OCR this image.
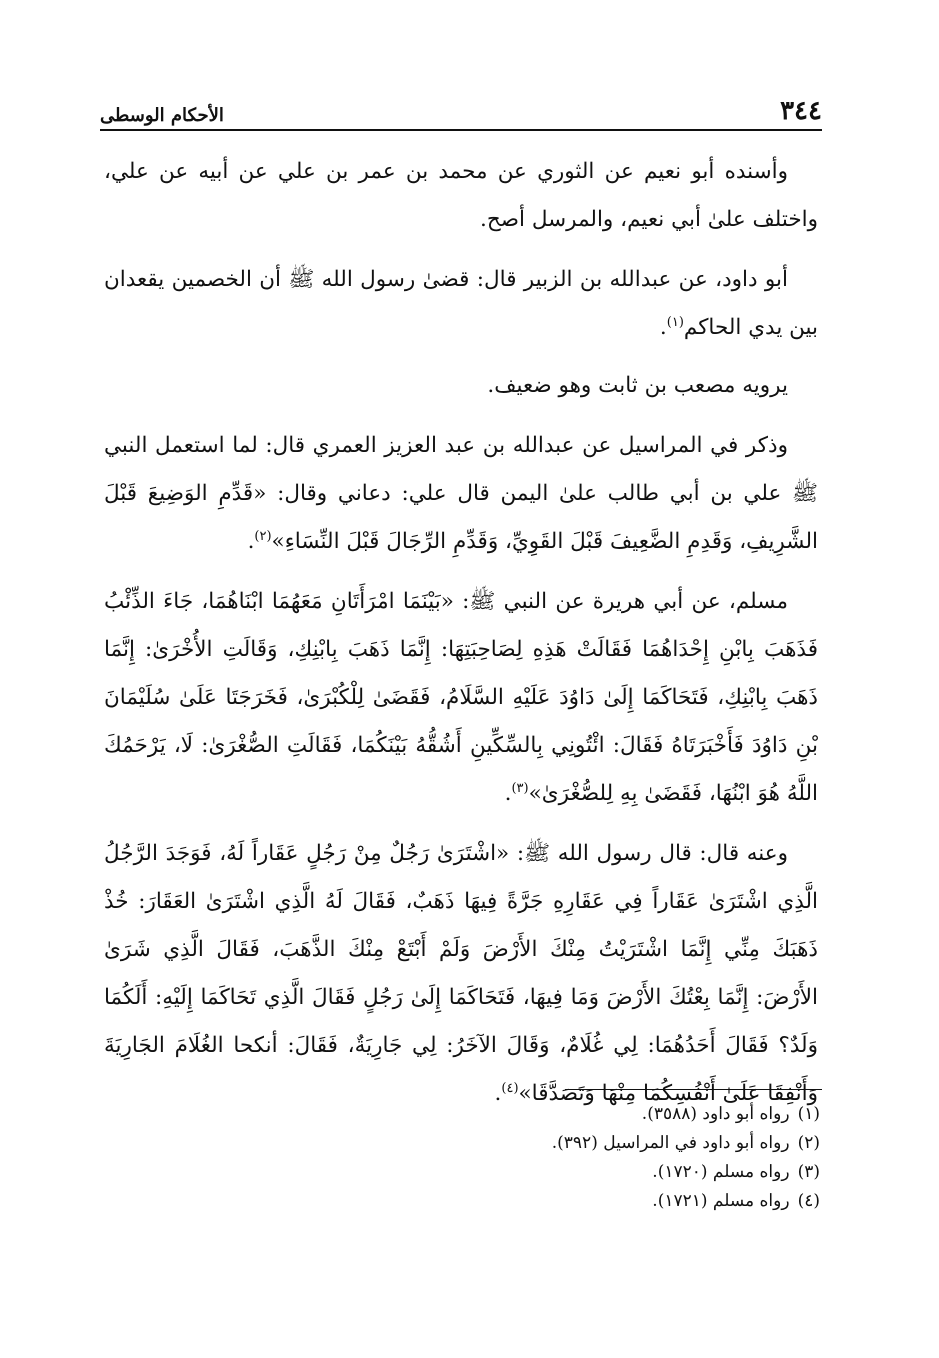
٣٤٤
الأحكام الوسطى

وأسنده أبو نعيم عن الثوري عن محمد بن عمر بن علي عن أبيه عن علي، واختلف علىٰ أبي نعيم، والمرسل أصح.

أبو داود، عن عبدالله بن الزبير قال: قضىٰ رسول الله ﷺ أن الخصمين يقعدان بين يدي الحاكم$^{(١)}$.

يرويه مصعب بن ثابت وهو ضعيف.

وذكر في المراسيل عن عبدالله بن عبد العزيز العمري قال: لما استعمل النبي ﷺ علي بن أبي طالب علىٰ اليمن قال علي: دعاني وقال: «قَدِّمِ الوَضِيعَ قَبْلَ الشَّرِيفِ، وَقَدِمِ الضَّعِيفَ قَبْلَ القَوِيِّ، وَقَدِّمِ الرِّجَالَ قَبْلَ النِّسَاءِ»$^{(٢)}$.

مسلم، عن أبي هريرة عن النبي ﷺ: «بَيْنَمَا امْرَأَتَانِ مَعَهُمَا ابْنَاهُمَا، جَاءَ الذِّئْبُ فَذَهَبَ بِابْنِ إِحْدَاهُمَا فَقَالَتْ هَذِهِ لِصَاحِبَتِهَا: إِنَّمَا ذَهَبَ بِابْنِكِ، وَقَالَتِ الأُخْرَىٰ: إِنَّمَا ذَهَبَ بِابْنِكِ، فَتَحَاكَمَا إِلَىٰ دَاوُدَ عَلَيْهِ السَّلَامُ، فَقَضَىٰ لِلْكُبْرَىٰ، فَخَرَجَتَا عَلَىٰ سُلَيْمَانَ بْنِ دَاوُدَ فَأَخْبَرَتَاهُ فَقَالَ: ائْتُونِي بِالسِّكِّينِ أَشُقُّهُ بَيْنَكُمَا، فَقَالَتِ الصُّغْرَىٰ: لَا، يَرْحَمُكَ اللَّهُ هُوَ ابْنُهَا، فَقَضَىٰ بِهِ لِلصُّغْرَىٰ»$^{(٣)}$.

وعنه قال: قال رسول الله ﷺ: «اشْتَرَىٰ رَجُلٌ مِنْ رَجُلٍ عَقَاراً لَهُ، فَوَجَدَ الرَّجُلُ الَّذِي اشْتَرَىٰ عَقَاراً فِي عَقَارِهِ جَرَّةً فِيهَا ذَهَبٌ، فَقَالَ لَهُ الَّذِي اشْتَرَىٰ العَقَارَ: خُذْ ذَهَبَكَ مِنِّي إِنَّمَا اشْتَرَيْتُ مِنْكَ الأَرْضَ وَلَمْ أَبْتَعْ مِنْكَ الذَّهَبَ، فَقَالَ الَّذِي شَرَىٰ الأَرْضَ: إِنَّمَا بِعْتُكَ الأَرْضَ وَمَا فِيهَا، فَتَحَاكَمَا إِلَىٰ رَجُلٍ فَقَالَ الَّذِي تَحَاكَمَا إِلَيْهِ: أَلَكُمَا وَلَدٌ؟ فَقَالَ أَحَدُهُمَا: لِي غُلَامٌ، وَقَالَ الآخَرُ: لِي جَارِيَةٌ، فَقَالَ: أنكحا الغُلَامَ الجَارِيَةَ وَأَنْفِقَا عَلَىٰ أَنْفُسِكُمَا مِنْهَا وَتَصَدَّقَا»$^{(٤)}$.

(١)رواه أبو داود (٣٥٨٨).
(٢)رواه أبو داود في المراسيل (٣٩٢).
(٣)رواه مسلم (١٧٢٠).
(٤)رواه مسلم (١٧٢١).
